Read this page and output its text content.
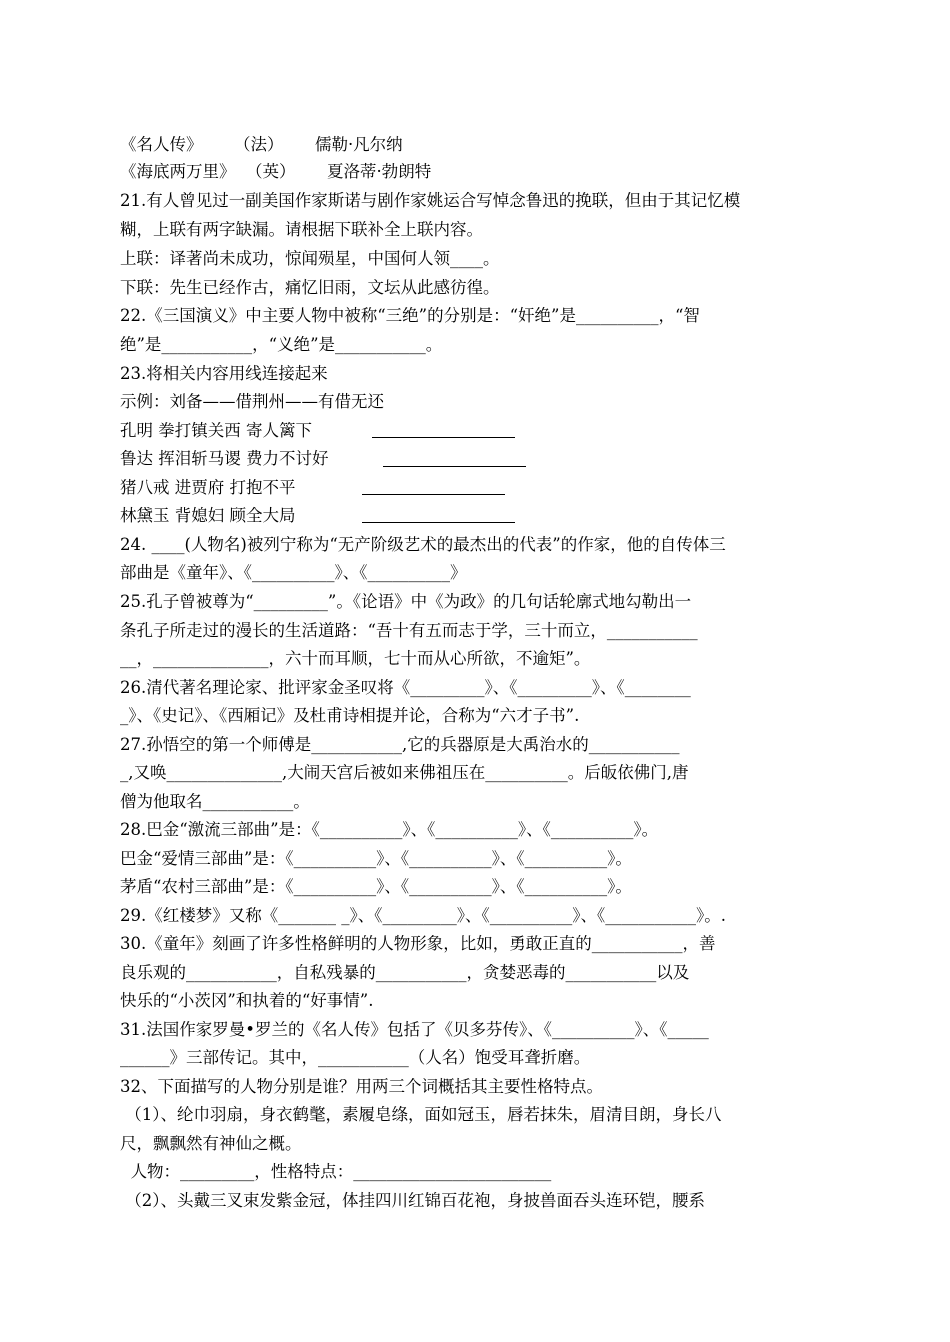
《名人传》      （法）      儒勒·凡尔纳
《海底两万里》  （英）      夏洛蒂·勃朗特
21.有人曾见过一副美国作家斯诺与剧作家姚运合写悼念鲁迅的挽联，但由于其记忆模
糊，上联有两字缺漏。请根据下联补全上联内容。
上联：译著尚未成功，惊闻殒星，中国何人领____。
下联：先生已经作古，痛忆旧雨，文坛从此感彷徨。
22.《三国演义》中主要人物中被称“三绝”的分别是：“奸绝”是__________，“智
绝”是___________，“义绝”是___________。
23.将相关内容用线连接起来
示例：刘备——借荆州——有借无还
孔明 拳打镇关西 寄人篱下
鲁达 挥泪斩马谡 费力不讨好
猪八戒 进贾府 打抱不平
林黛玉 背媳妇 顾全大局
24. ____(人物名)被列宁称为“无产阶级艺术的最杰出的代表”的作家，他的自传体三
部曲是《童年》、《__________》、《__________》
25.孔子曾被尊为“_________”。《论语》中《为政》的几句话轮廓式地勾勒出一
条孔子所走过的漫长的生活道路：“吾十有五而志于学，三十而立，___________
__，______________，六十而耳顺，七十而从心所欲，不逾矩”。
26.清代著名理论家、批评家金圣叹将《_________》、《_________》、《________
_》、《史记》、《西厢记》及杜甫诗相提并论，合称为“六才子书”.
27.孙悟空的第一个师傅是___________,它的兵器原是大禹治水的___________
_,又唤______________,大闹天宫后被如来佛祖压在__________。后皈依佛门,唐
僧为他取名___________。
28.巴金“激流三部曲”是：《__________》、《__________》、《__________》。
巴金“爱情三部曲”是：《__________》、《__________》、《__________》。
茅盾“农村三部曲”是：《__________》、《__________》、《__________》。
29.《红楼梦》又称《_______ _》、《_________》、《__________》、《___________》。.
30.《童年》刻画了许多性格鲜明的人物形象，比如，勇敢正直的___________，善
良乐观的___________，自私残暴的___________，贪婪恶毒的___________以及
快乐的“小茨冈”和执着的“好事情”.
31.法国作家罗曼•罗兰的《名人传》包括了《贝多芬传》、《__________》、《_____
______》三部传记。其中，___________（人名）饱受耳聋折磨。
32、下面描写的人物分别是谁？用两三个词概括其主要性格特点。
（1）、纶巾羽扇，身衣鹤氅，素履皂绦，面如冠玉，唇若抹朱，眉清目朗，身长八
尺，飘飘然有神仙之概。
人物：_________，性格特点：________________________
（2）、头戴三叉束发紫金冠，体挂四川红锦百花袍，身披兽面吞头连环铠，腰系
